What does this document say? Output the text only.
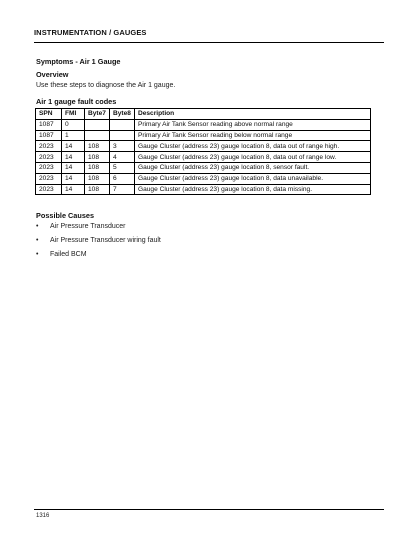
INSTRUMENTATION / GAUGES
Symptoms - Air 1 Gauge
Overview
Use these steps to diagnose the Air 1 gauge.
Air 1 gauge fault codes
SPN	FMI	Byte7	Byte8	Description
1087	0			Primary Air Tank Sensor reading above normal range
1087	1			Primary Air Tank Sensor reading below normal range
2023	14	108	3	Gauge Cluster (address 23) gauge location 8, data out of range high.
2023	14	108	4	Gauge Cluster (address 23) gauge location 8, data out of range low.
2023	14	108	5	Gauge Cluster (address 23) gauge location 8, sensor fault.
2023	14	108	6	Gauge Cluster (address 23) gauge location 8, data unavailable.
2023	14	108	7	Gauge Cluster (address 23) gauge location 8, data missing.
Possible Causes
• Air Pressure Transducer
• Air Pressure Transducer wiring fault
• Failed BCM
1316
